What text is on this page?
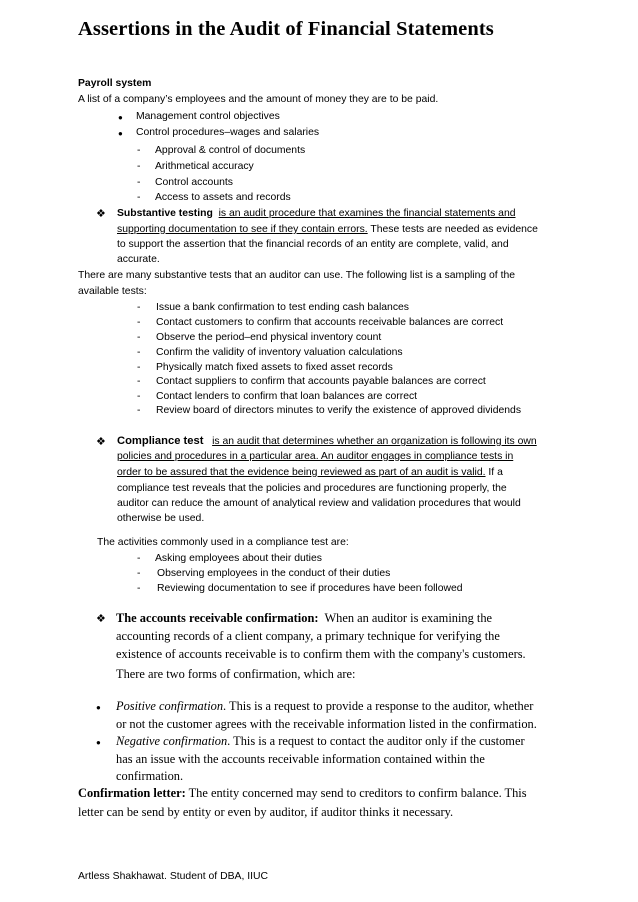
Assertions in the Audit of Financial Statements
Payroll system
A list of a company’s employees and the amount of money they are to be paid.
● Management control objectives
● Control procedures–wages and salaries
- Approval & control of documents
- Arithmetical accuracy
- Control accounts
- Access to assets and records
❖ Substantive testing is an audit procedure that examines the financial statements and
supporting documentation to see if they contain errors. These tests are needed as evidence
to support the assertion that the financial records of an entity are complete, valid, and
accurate.
There are many substantive tests that an auditor can use. The following list is a sampling of the
available tests:
- Issue a bank confirmation to test ending cash balances
- Contact customers to confirm that accounts receivable balances are correct
- Observe the period–end physical inventory count
- Confirm the validity of inventory valuation calculations
- Physically match fixed assets to fixed asset records
- Contact suppliers to confirm that accounts payable balances are correct
- Contact lenders to confirm that loan balances are correct
- Review board of directors minutes to verify the existence of approved dividends
❖ Compliance test is an audit that determines whether an organization is following its own
policies and procedures in a particular area. An auditor engages in compliance tests in
order to be assured that the evidence being reviewed as part of an audit is valid. If a
compliance test reveals that the policies and procedures are functioning properly, the
auditor can reduce the amount of analytical review and validation procedures that would
otherwise be used.
The activities commonly used in a compliance test are:
- Asking employees about their duties
- Observing employees in the conduct of their duties
- Reviewing documentation to see if procedures have been followed
❖ The accounts receivable confirmation: When an auditor is examining the
accounting records of a client company, a primary technique for verifying the
existence of accounts receivable is to confirm them with the company's customers.
There are two forms of confirmation, which are:
● Positive confirmation. This is a request to provide a response to the auditor, whether
or not the customer agrees with the receivable information listed in the confirmation.
● Negative confirmation. This is a request to contact the auditor only if the customer
has an issue with the accounts receivable information contained within the
confirmation.
Confirmation letter: The entity concerned may send to creditors to confirm balance. This
letter can be send by entity or even by auditor, if auditor thinks it necessary.
Artless Shakhawat. Student of DBA, IIUC
